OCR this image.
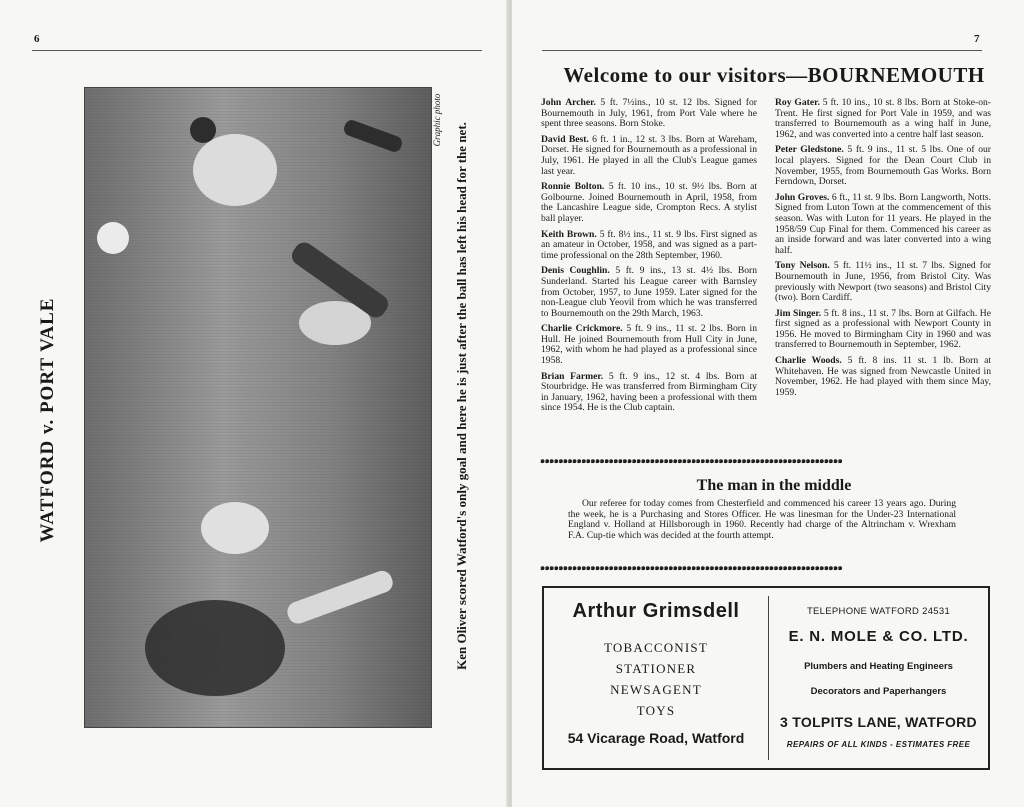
6
WATFORD v. PORT VALE
Graphic photo
Ken Oliver scored Watford's only goal and here he is just after the ball has left his head for the net.
7
Welcome to our visitors—BOURNEMOUTH
John Archer. 5 ft. 7½ins., 10 st. 12 lbs. Signed for Bournemouth in July, 1961, from Port Vale where he spent three seasons. Born Stoke.
David Best. 6 ft. 1 in., 12 st. 3 lbs. Born at Wareham, Dorset. He signed for Bournemouth as a professional in July, 1961. He played in all the Club's League games last year.
Ronnie Bolton. 5 ft. 10 ins., 10 st. 9½ lbs. Born at Golbourne. Joined Bournemouth in April, 1958, from the Lancashire League side, Crompton Recs. A stylist ball player.
Keith Brown. 5 ft. 8½ ins., 11 st. 9 lbs. First signed as an amateur in October, 1958, and was signed as a part-time professional on the 28th September, 1960.
Denis Coughlin. 5 ft. 9 ins., 13 st. 4½ lbs. Born Sunderland. Started his League career with Barnsley from October, 1957, to June 1959. Later signed for the non-League club Yeovil from which he was transferred to Bournemouth on the 29th March, 1963.
Charlie Crickmore. 5 ft. 9 ins., 11 st. 2 lbs. Born in Hull. He joined Bournemouth from Hull City in June, 1962, with whom he had played as a professional since 1958.
Brian Farmer. 5 ft. 9 ins., 12 st. 4 lbs. Born at Stourbridge. He was transferred from Birmingham City in January, 1962, having been a professional with them since 1954. He is the Club captain.
Roy Gater. 5 ft. 10 ins., 10 st. 8 lbs. Born at Stoke-on-Trent. He first signed for Port Vale in 1959, and was transferred to Bournemouth as a wing half in June, 1962, and was converted into a centre half last season.
Peter Gledstone. 5 ft. 9 ins., 11 st. 5 lbs. One of our local players. Signed for the Dean Court Club in November, 1955, from Bournemouth Gas Works. Born Ferndown, Dorset.
John Groves. 6 ft., 11 st. 9 lbs. Born Langworth, Notts. Signed from Luton Town at the commencement of this season. Was with Luton for 11 years. He played in the 1958/59 Cup Final for them. Commenced his career as an inside forward and was later converted into a wing half.
Tony Nelson. 5 ft. 11½ ins., 11 st. 7 lbs. Signed for Bournemouth in June, 1956, from Bristol City. Was previously with Newport (two seasons) and Bristol City (two). Born Cardiff.
Jim Singer. 5 ft. 8 ins., 11 st. 7 lbs. Born at Gilfach. He first signed as a professional with Newport County in 1956. He moved to Birmingham City in 1960 and was transferred to Bournemouth in September, 1962.
Charlie Woods. 5 ft. 8 ins. 11 st. 1 lb. Born at Whitehaven. He was signed from Newcastle United in November, 1962. He had played with them since May, 1959.
๑๑๑๑๑๑๑๑๑๑๑๑๑๑๑๑๑๑๑๑๑๑๑๑๑๑๑๑๑๑๑๑๑๑๑๑๑๑๑๑๑๑๑๑๑๑๑๑๑๑๑๑๑๑๑๑๑๑๑๑๑๑๑๑๑๑
The man in the middle
Our referee for today comes from Chesterfield and commenced his career 13 years ago. During the week, he is a Purchasing and Stores Officer. He was linesman for the Under-23 International England v. Holland at Hillsborough in 1960. Recently had charge of the Altrincham v. Wrexham F.A. Cup-tie which was decided at the fourth attempt.
๑๑๑๑๑๑๑๑๑๑๑๑๑๑๑๑๑๑๑๑๑๑๑๑๑๑๑๑๑๑๑๑๑๑๑๑๑๑๑๑๑๑๑๑๑๑๑๑๑๑๑๑๑๑๑๑๑๑๑๑๑๑๑๑๑๑
Arthur Grimsdell
TOBACCONIST
STATIONER
NEWSAGENT
TOYS
54 Vicarage Road, Watford
TELEPHONE WATFORD 24531
E. N. MOLE & CO. LTD.
Plumbers and Heating Engineers
Decorators and Paperhangers
3 TOLPITS LANE, WATFORD
REPAIRS OF ALL KINDS - ESTIMATES FREE
